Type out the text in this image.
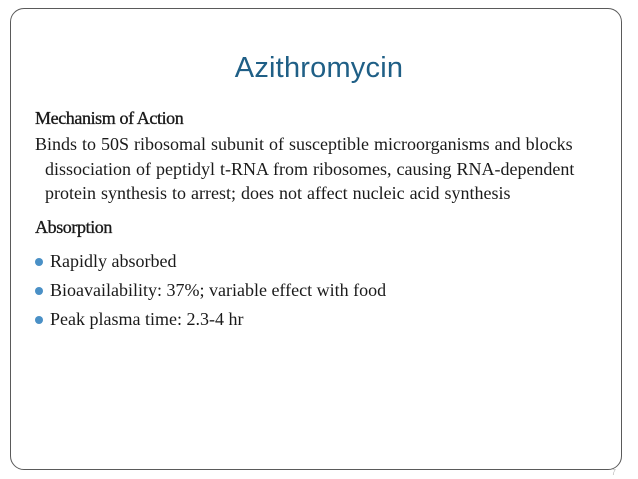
Azithromycin
Mechanism of Action
Binds to 50S ribosomal subunit of susceptible microorganisms and blocks dissociation of peptidyl t-RNA from ribosomes, causing RNA-dependent protein synthesis to arrest; does not affect nucleic acid synthesis
Absorption
Rapidly absorbed
Bioavailability: 37%; variable effect with food
Peak plasma time: 2.3-4 hr
7
